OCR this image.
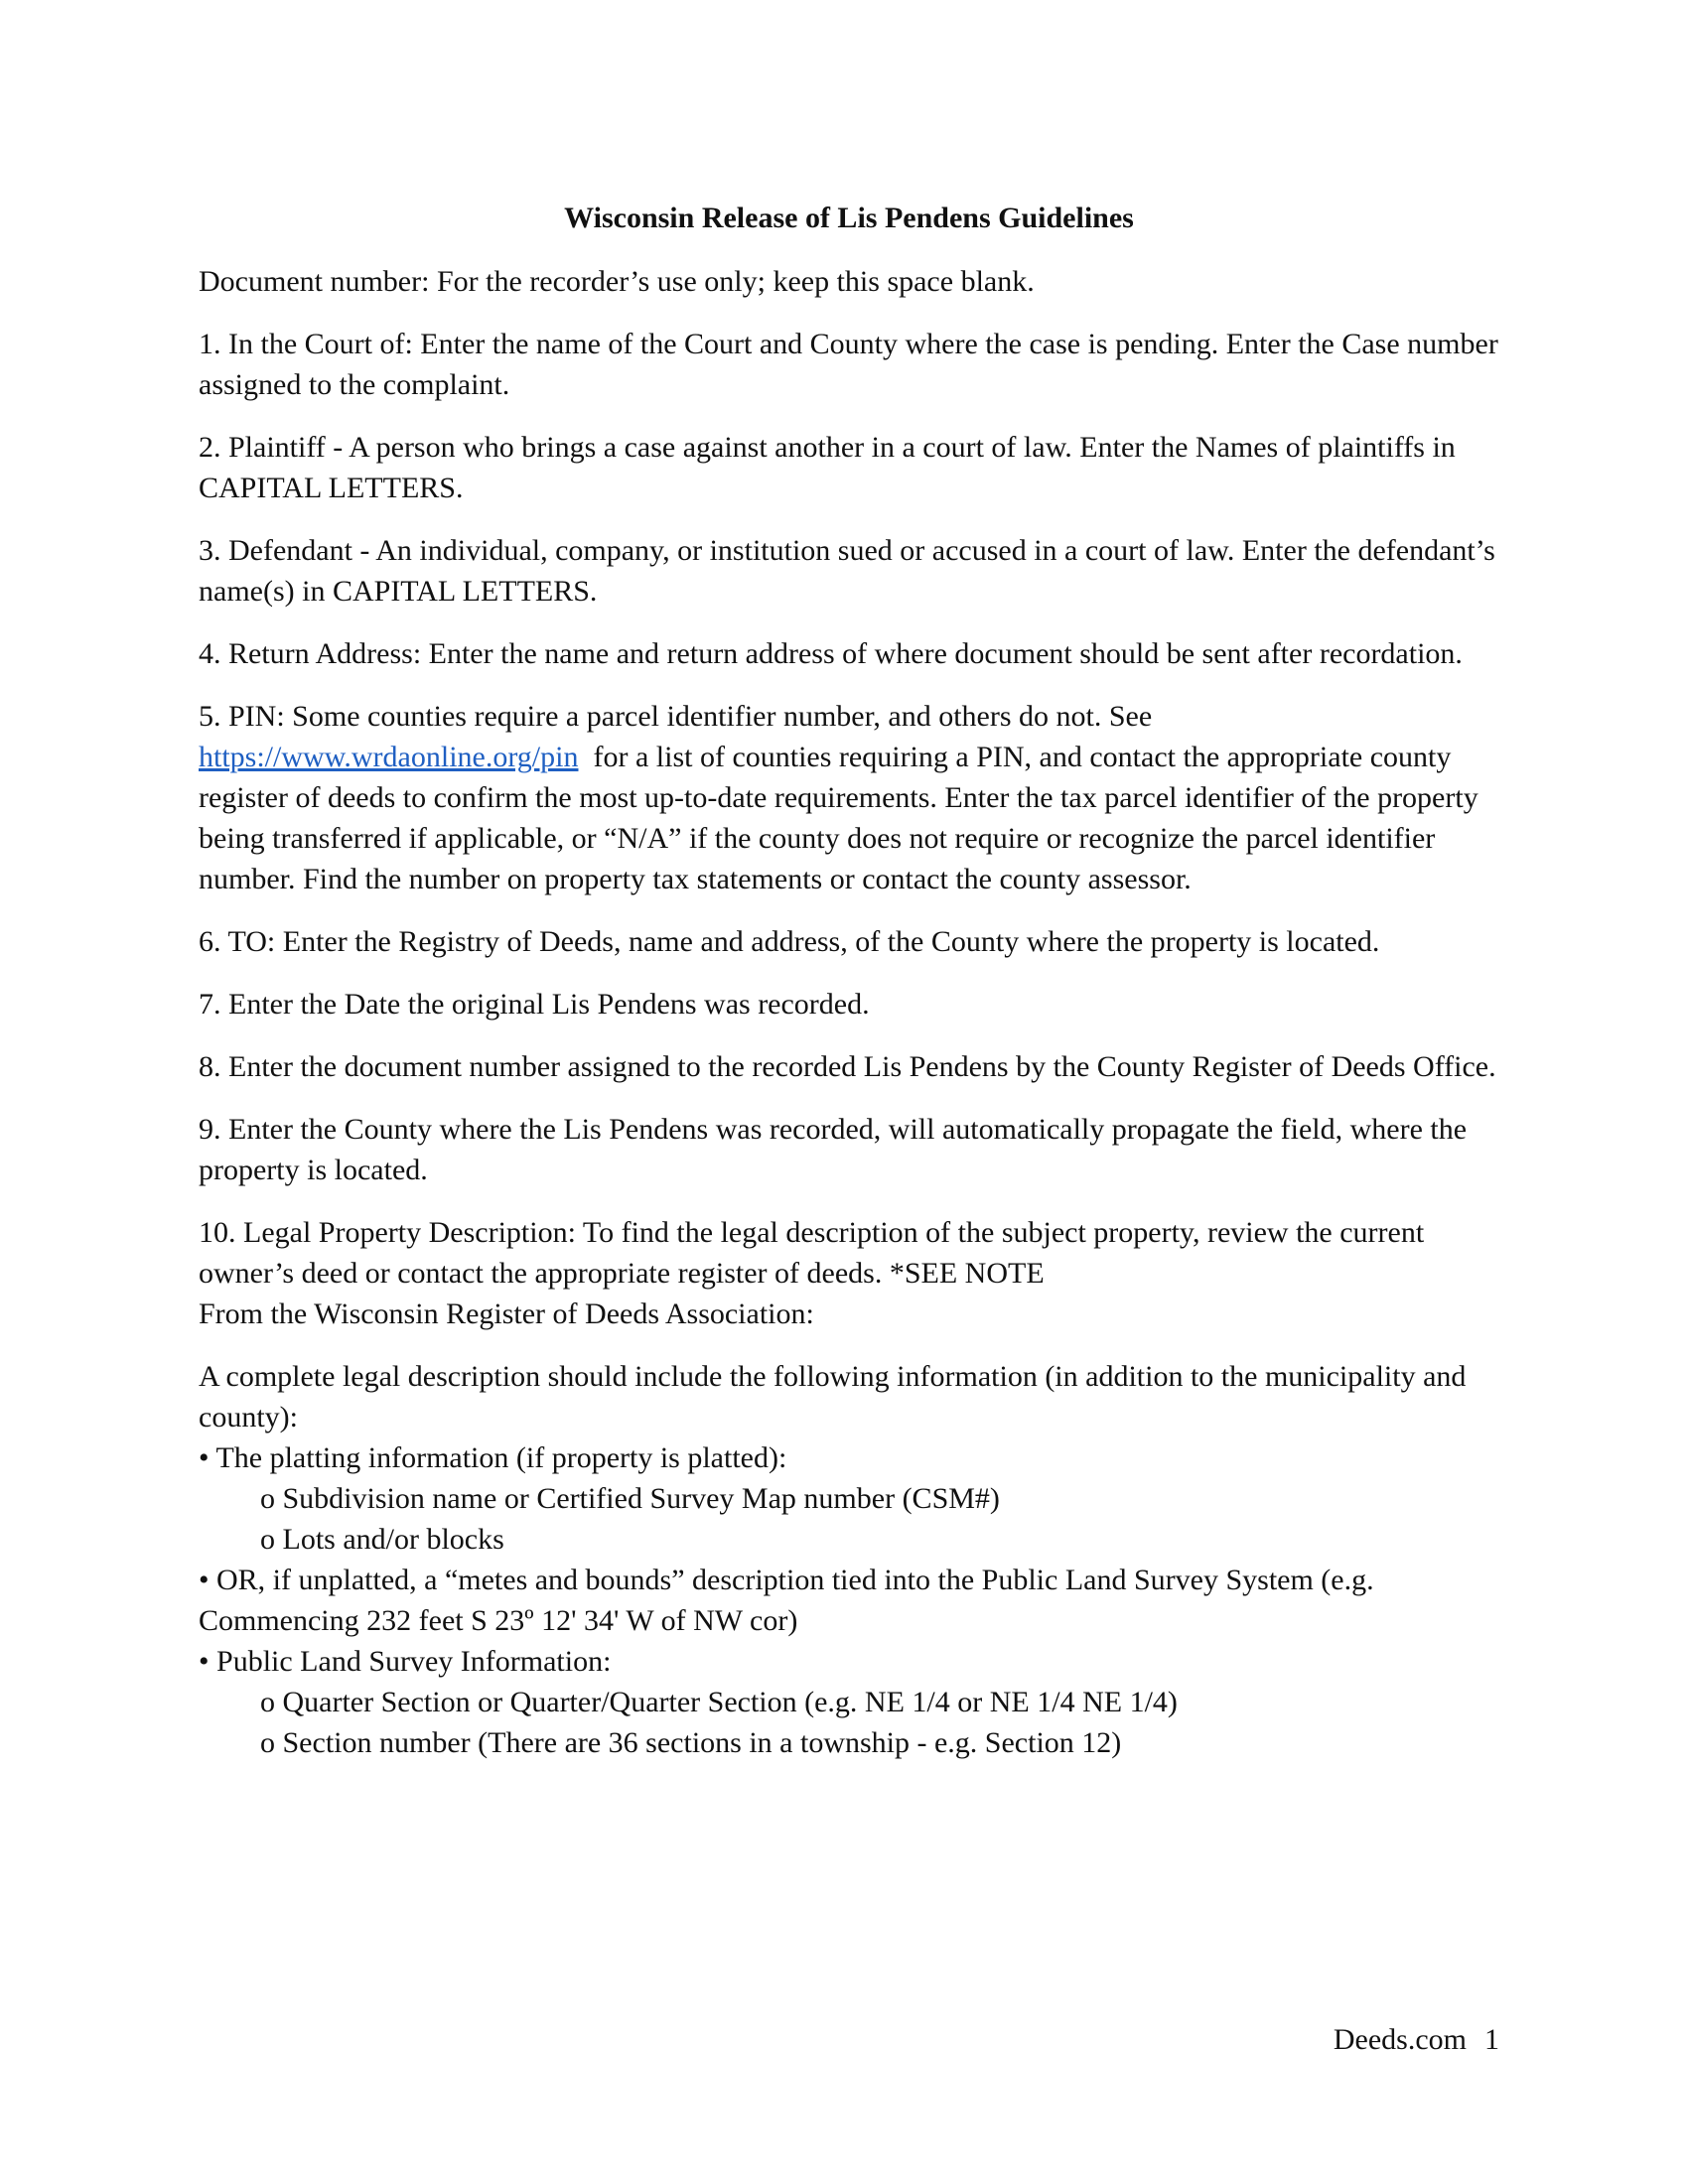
Wisconsin Release of Lis Pendens Guidelines

Document number: For the recorder’s use only; keep this space blank.

1. In the Court of: Enter the name of the Court and County where the case is pending. Enter the Case number assigned to the complaint.

2. Plaintiff - A person who brings a case against another in a court of law. Enter the Names of plaintiffs in CAPITAL LETTERS.

3. Defendant - An individual, company, or institution sued or accused in a court of law. Enter the defendant’s name(s) in CAPITAL LETTERS.

4. Return Address: Enter the name and return address of where document should be sent after recordation.

5. PIN: Some counties require a parcel identifier number, and others do not. See
https://www.wrdaonline.org/pin for a list of counties requiring a PIN, and contact the appropriate county register of deeds to confirm the most up-to-date requirements. Enter the tax parcel identifier of the property being transferred if applicable, or “N/A” if the county does not require or recognize the parcel identifier number. Find the number on property tax statements or contact the county assessor.

6. TO: Enter the Registry of Deeds, name and address, of the County where the property is located.

7. Enter the Date the original Lis Pendens was recorded.

8. Enter the document number assigned to the recorded Lis Pendens by the County Register of Deeds Office.

9. Enter the County where the Lis Pendens was recorded, will automatically propagate the field, where the property is located.

10. Legal Property Description: To find the legal description of the subject property, review the current owner’s deed or contact the appropriate register of deeds. *SEE NOTE
From the Wisconsin Register of Deeds Association:

A complete legal description should include the following information (in addition to the municipality and county):

• The platting information (if property is platted):

o Subdivision name or Certified Survey Map number (CSM#)

o Lots and/or blocks

• OR, if unplatted, a “metes and bounds” description tied into the Public Land Survey System (e.g. Commencing 232 feet S 23º 12' 34' W of NW cor)

• Public Land Survey Information:

o Quarter Section or Quarter/Quarter Section (e.g. NE 1/4 or NE 1/4 NE 1/4)

o Section number (There are 36 sections in a township - e.g. Section 12)

Deeds.com 1
